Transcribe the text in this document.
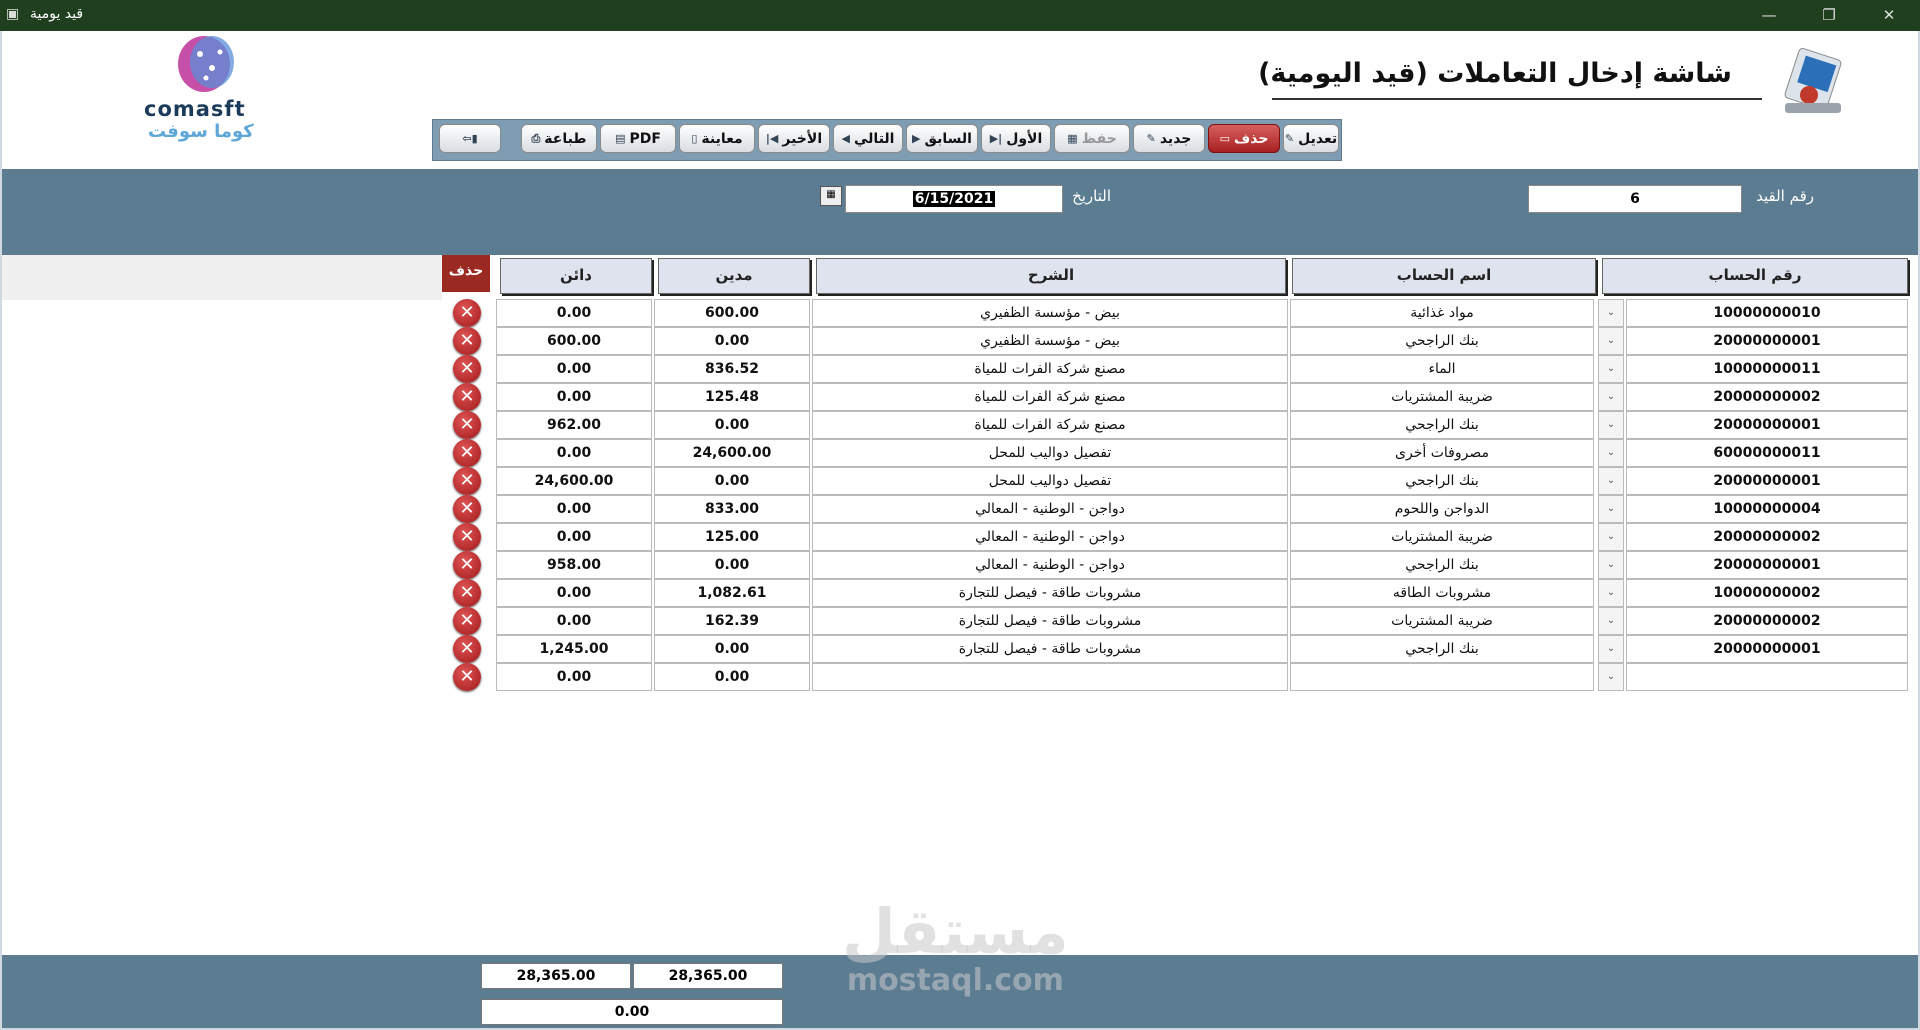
▣ قيد يومية	—	❐	✕
شاشة إدخال التعاملات (قيد اليومية)
comasft
كوما سوفت	⇦▮	طباعة
⎙	PDF
▤	معاينة
▯	الأخير
|◀	التالي
◀	السابق
▶	الأول
▶|	حفظ
▦	جديد
✎	حذف
▭	تعديل
✎
رقم القيد
6
التاريخ
6/15/2021
▦
حذف	دائن	مدين	الشرح	اسم الحساب	رقم الحساب
✕	0.00	600.00	بيض - مؤسسة الظفيري	مواد غذائية	10000000010
⌄
✕	600.00	0.00	بيض - مؤسسة الظفيري	بنك الراجحي	20000000001
⌄
✕	0.00	836.52	مصنع شركة الفرات للمياة	الماء	10000000011
⌄
✕	0.00	125.48	مصنع شركة الفرات للمياة	ضريبة المشتريات	20000000002
⌄
✕	962.00	0.00	مصنع شركة الفرات للمياة	بنك الراجحي	20000000001
⌄
✕	0.00	24,600.00	تفصيل دواليب للمحل	مصروفات أخرى	60000000011
⌄
✕	24,600.00	0.00	تفصيل دواليب للمحل	بنك الراجحي	20000000001
⌄
✕	0.00	833.00	دواجن - الوطنية - المعالي	الدواجن واللحوم	10000000004
⌄
✕	0.00	125.00	دواجن - الوطنية - المعالي	ضريبة المشتريات	20000000002
⌄
✕	958.00	0.00	دواجن - الوطنية - المعالي	بنك الراجحي	20000000001
⌄
✕	0.00	1,082.61	مشروبات طاقة - فيصل للتجارة	مشروبات الطاقه	10000000002
⌄
✕	0.00	162.39	مشروبات طاقة - فيصل للتجارة	ضريبة المشتريات	20000000002
⌄
✕	1,245.00	0.00	مشروبات طاقة - فيصل للتجارة	بنك الراجحي	20000000001
⌄
✕	0.00	0.00	⌄
28,365.00	28,365.00
0.00
مستقل
mostaql.com
